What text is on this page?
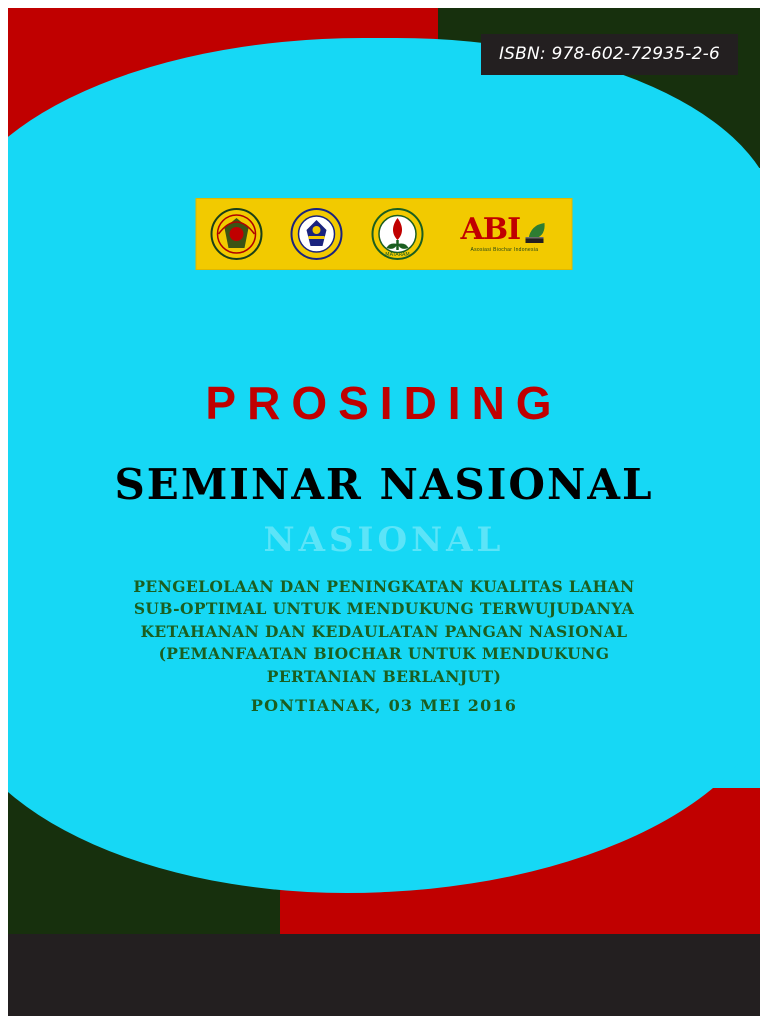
ISBN: 978-602-72935-2-6
MATARAM
ABI
Asosiasi Biochar Indonesia
PROSIDING
SEMINAR NASIONAL
NASIONAL
PENGELOLAAN DAN PENINGKATAN KUALITAS LAHAN
SUB-OPTIMAL UNTUK MENDUKUNG TERWUJUDANYA
KETAHANAN DAN KEDAULATAN PANGAN NASIONAL
(PEMANFAATAN BIOCHAR UNTUK MENDUKUNG
PERTANIAN BERLANJUT)
PONTIANAK, 03 MEI 2016
